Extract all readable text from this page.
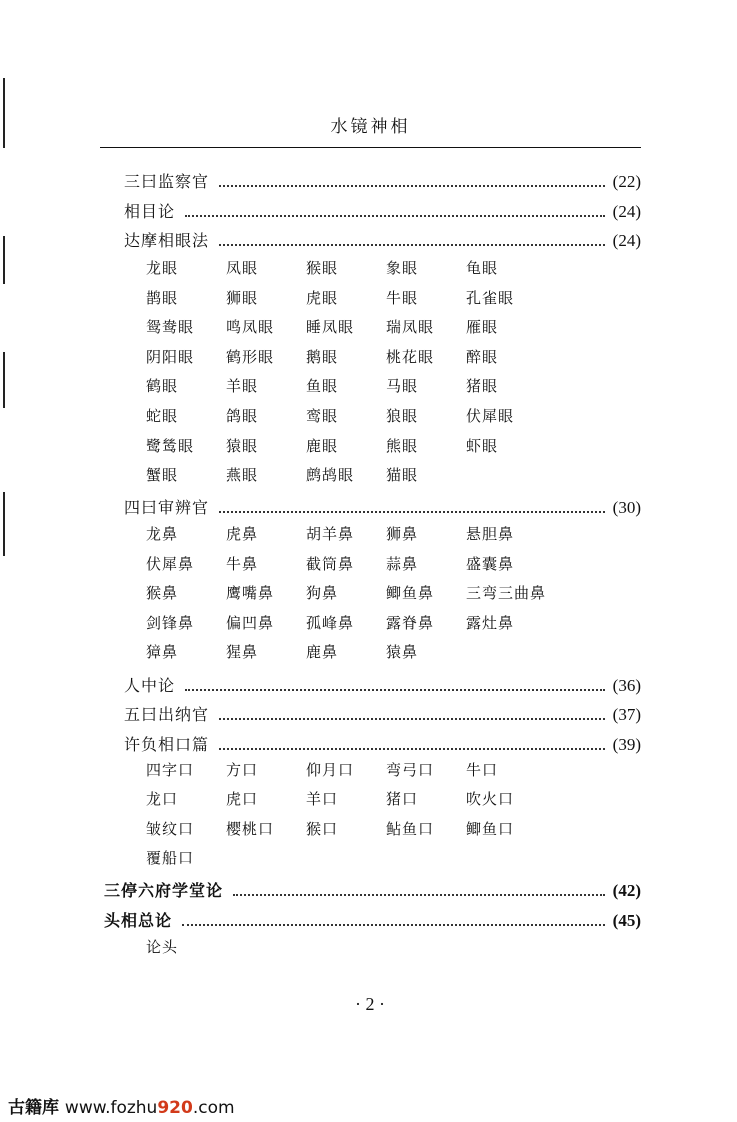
水镜神相
三曰监察官	(22)
相目论	(24)
达摩相眼法	(24)
四曰审辨官	(30)
人中论	(36)
五曰出纳官	(37)
许负相口篇	(39)
三停六府学堂论	(42)
头相总论	(45)
龙眼	凤眼	猴眼	象眼	龟眼
鹊眼	狮眼	虎眼	牛眼	孔雀眼
鸳鸯眼 鸣凤眼 睡凤眼 瑞凤眼 雁眼
阴阳眼 鹤形眼 鹅眼	桃花眼 醉眼
鹤眼	羊眼	鱼眼	马眼	猪眼
蛇眼	鸽眼	鸾眼	狼眼	伏犀眼
鹭鸶眼 猿眼	鹿眼	熊眼	虾眼
蟹眼	燕眼	鹧鸪眼 猫眼
龙鼻	虎鼻	胡羊鼻 狮鼻	悬胆鼻
伏犀鼻 牛鼻	截筒鼻 蒜鼻	盛囊鼻
猴鼻	鹰嘴鼻 狗鼻	鲫鱼鼻 三弯三曲鼻
剑锋鼻 偏凹鼻 孤峰鼻 露脊鼻 露灶鼻
獐鼻	猩鼻	鹿鼻	猿鼻
四字口 方口	仰月口 弯弓口 牛口
龙口	虎口	羊口	猪口	吹火口
皱纹口 樱桃口 猴口	鲇鱼口 鲫鱼口
覆船口
论头
· 2 ·
古籍库 www.fozhu920.com
